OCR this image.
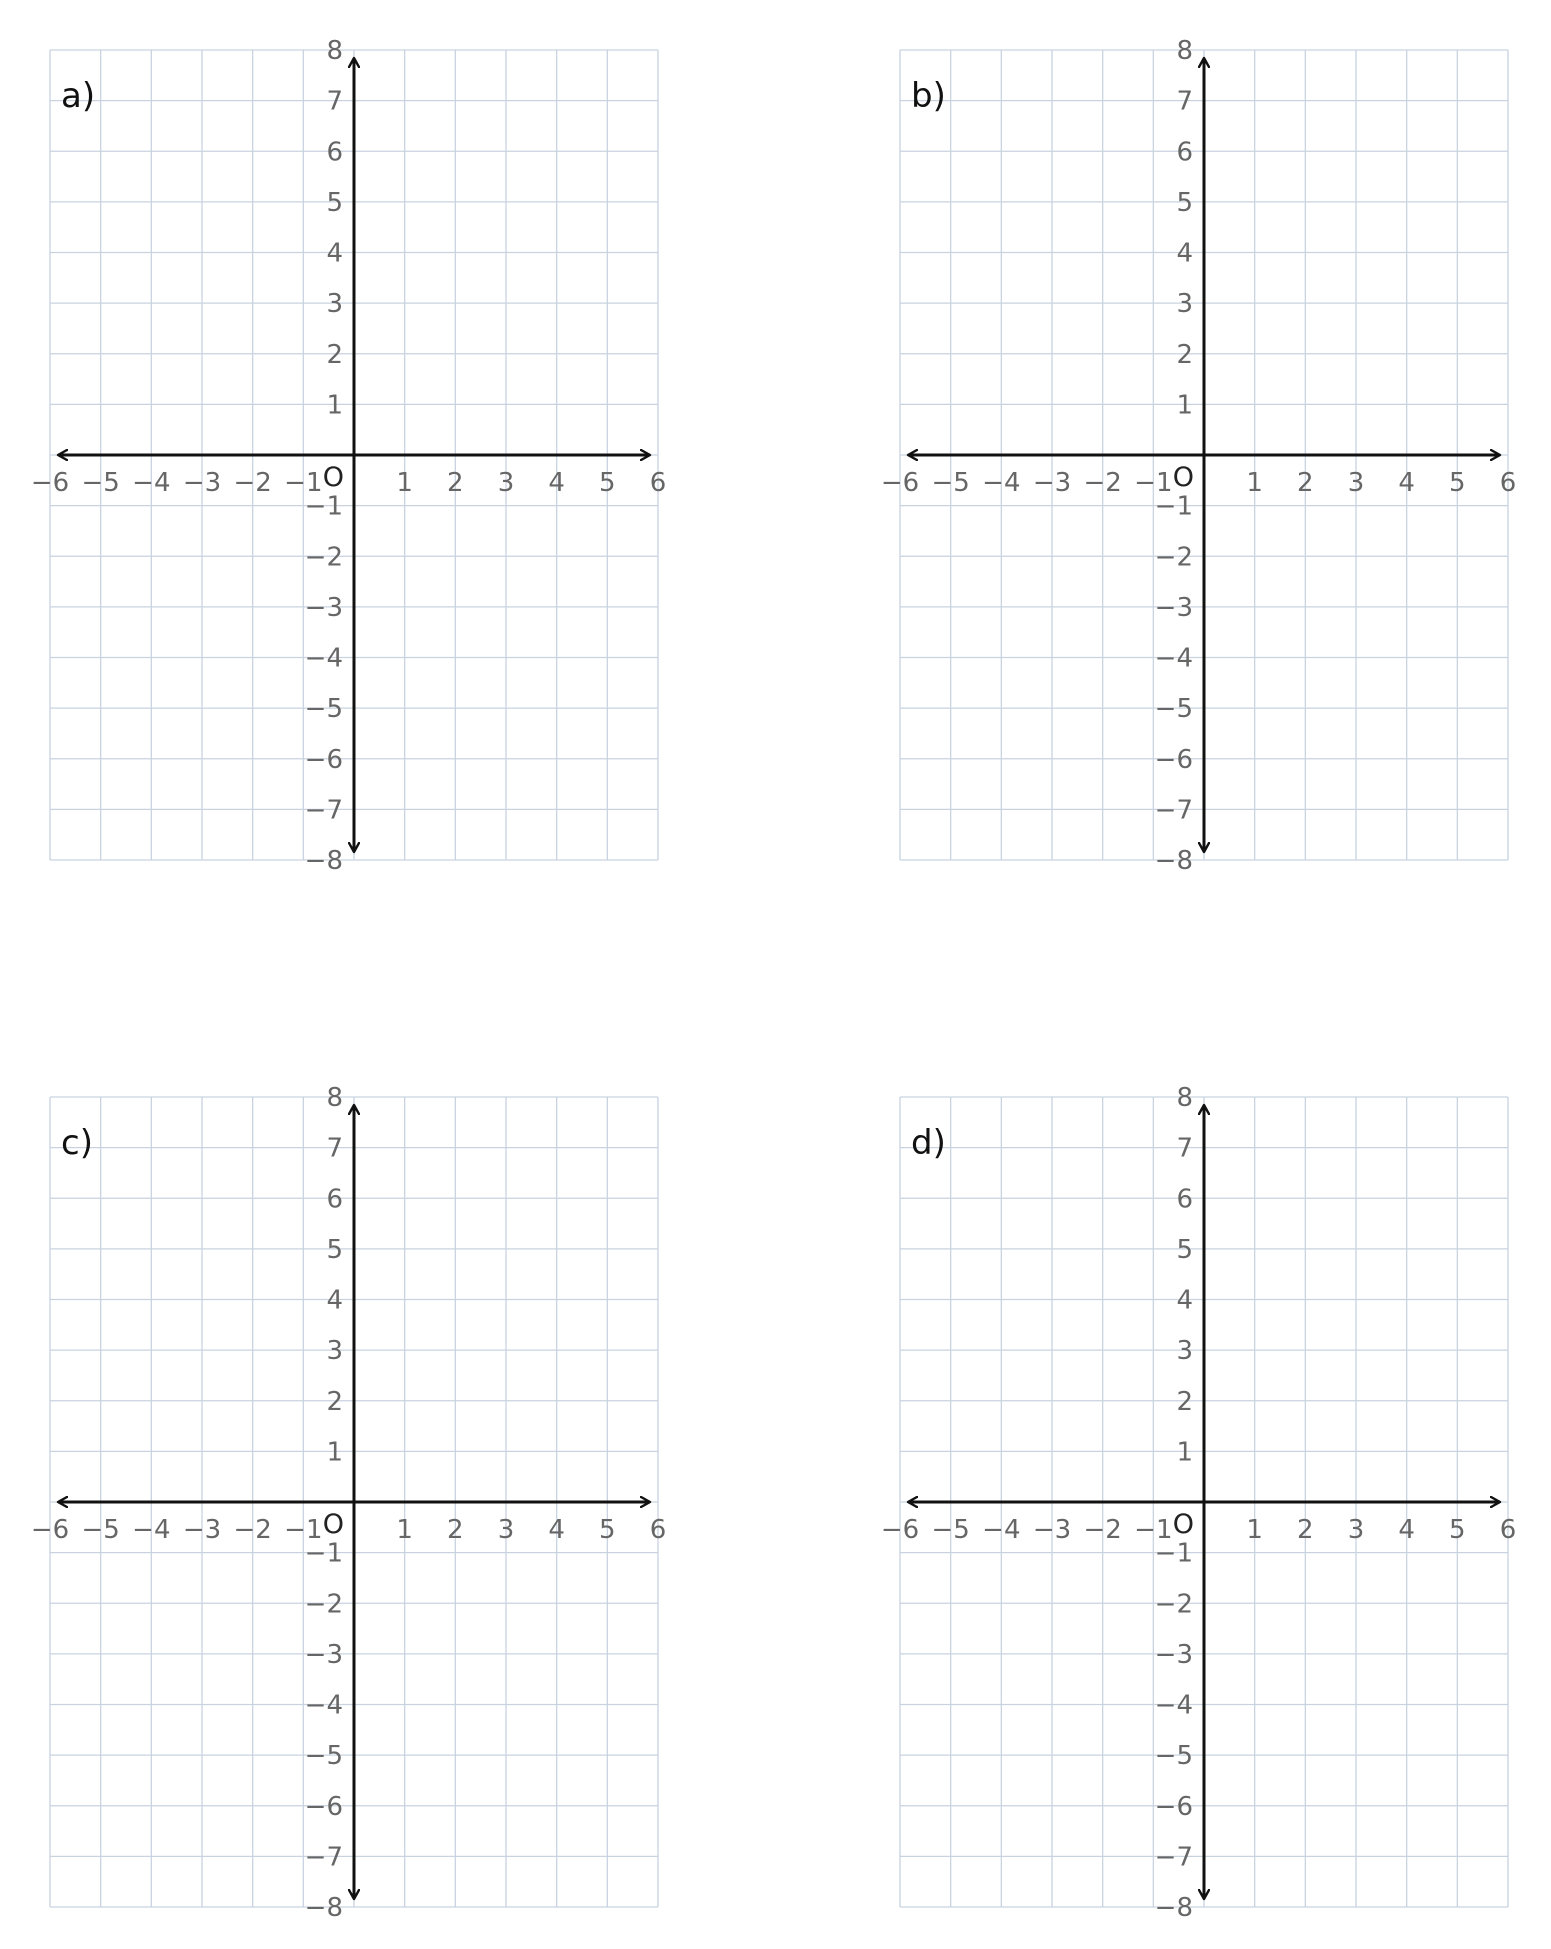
−6 −5 −4 −3 −2 −1	1 2 3 4 5 6
−8
−7
−6
−5
−4
−3
−2
−1
1
2
3
4
5
6
7
8
O
a)
−6 −5 −4 −3 −2 −1	1 2 3 4 5 6
−8
−7
−6
−5
−4
−3
−2
−1
1
2
3
4
5
6
7
8
O
b)
−6 −5 −4 −3 −2 −1	1 2 3 4 5 6
−8
−7
−6
−5
−4
−3
−2
−1
1
2
3
4
5
6
7
8
O
c)
−6 −5 −4 −3 −2 −1	1 2 3 4 5 6
−8
−7
−6
−5
−4
−3
−2
−1
1
2
3
4
5
6
7
8
O
d)
